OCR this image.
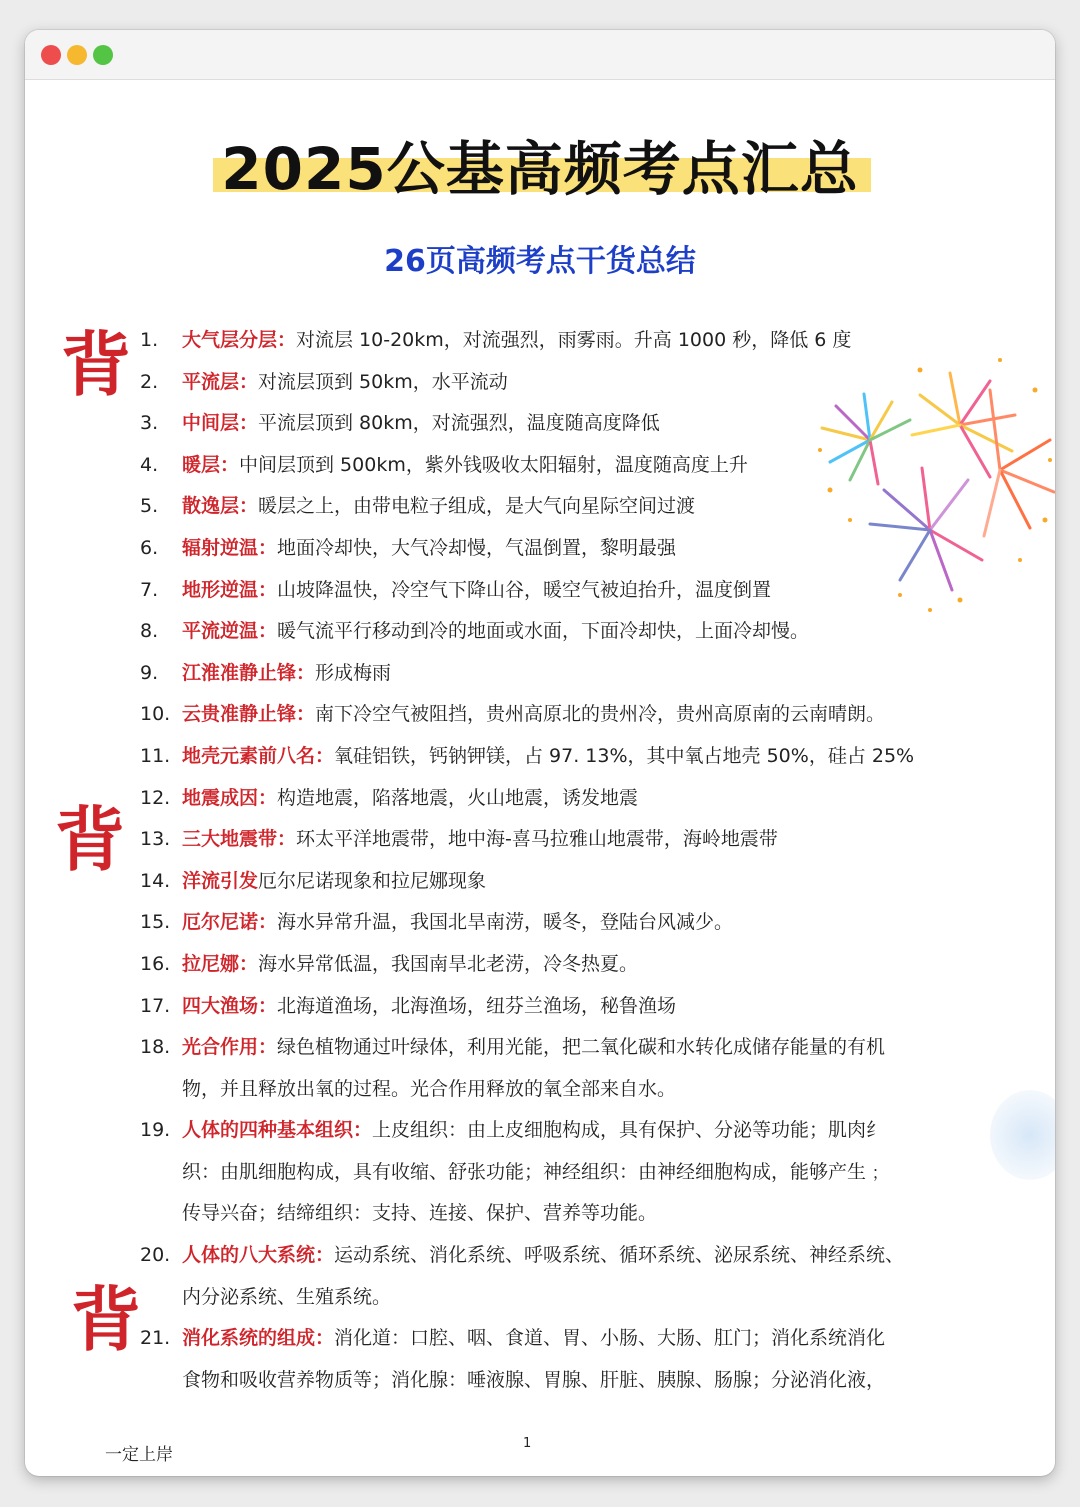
2025公基高频考点汇总
26页高频考点干货总结
背
背
背
1. 大气层分层：对流层 10-20km，对流强烈，雨雾雨。升高 1000 秒，降低 6 度
2. 平流层：对流层顶到 50km，水平流动
3. 中间层：平流层顶到 80km，对流强烈，温度随高度降低
4. 暖层：中间层顶到 500km，紫外钱吸收太阳辐射，温度随高度上升
5. 散逸层：暖层之上，由带电粒子组成，是大气向星际空间过渡
6. 辐射逆温：地面冷却快，大气冷却慢，气温倒置，黎明最强
7. 地形逆温：山坡降温快，冷空气下降山谷，暖空气被迫抬升，温度倒置
8. 平流逆温：暖气流平行移动到冷的地面或水面，下面冷却快，上面冷却慢。
9. 江淮准静止锋：形成梅雨
10. 云贵准静止锋：南下冷空气被阻挡，贵州高原北的贵州冷，贵州高原南的云南晴朗。
11. 地壳元素前八名：氧硅铝铁，钙钠钾镁，占 97. 13%，其中氧占地壳 50%，硅占 25%
12. 地震成因：构造地震，陷落地震，火山地震，诱发地震
13. 三大地震带：环太平洋地震带，地中海-喜马拉雅山地震带，海岭地震带
14. 洋流引发厄尔尼诺现象和拉尼娜现象
15. 厄尔尼诺：海水异常升温，我国北旱南涝，暖冬，登陆台风减少。
16. 拉尼娜：海水异常低温，我国南旱北老涝，冷冬热夏。
17. 四大渔场：北海道渔场，北海渔场，纽芬兰渔场，秘鲁渔场
18. 光合作用：绿色植物通过叶绿体，利用光能，把二氧化碳和水转化成储存能量的有机
物，并且释放出氧的过程。光合作用释放的氧全部来自水。
19. 人体的四种基本组织：上皮组织：由上皮细胞构成，具有保护、分泌等功能；肌肉纟
织：由肌细胞构成，具有收缩、舒张功能；神经组织：由神经细胞构成，能够产生﹔
传导兴奋；结缔组织：支持、连接、保护、营养等功能。
20. 人体的八大系统：运动系统、消化系统、呼吸系统、循环系统、泌尿系统、神经系统、
内分泌系统、生殖系统。
21. 消化系统的组成：消化道：口腔、咽、食道、胃、小肠、大肠、肛门；消化系统消化
食物和吸收营养物质等；消化腺：唾液腺、胃腺、肝脏、胰腺、肠腺；分泌消化液，
一定上岸
1
